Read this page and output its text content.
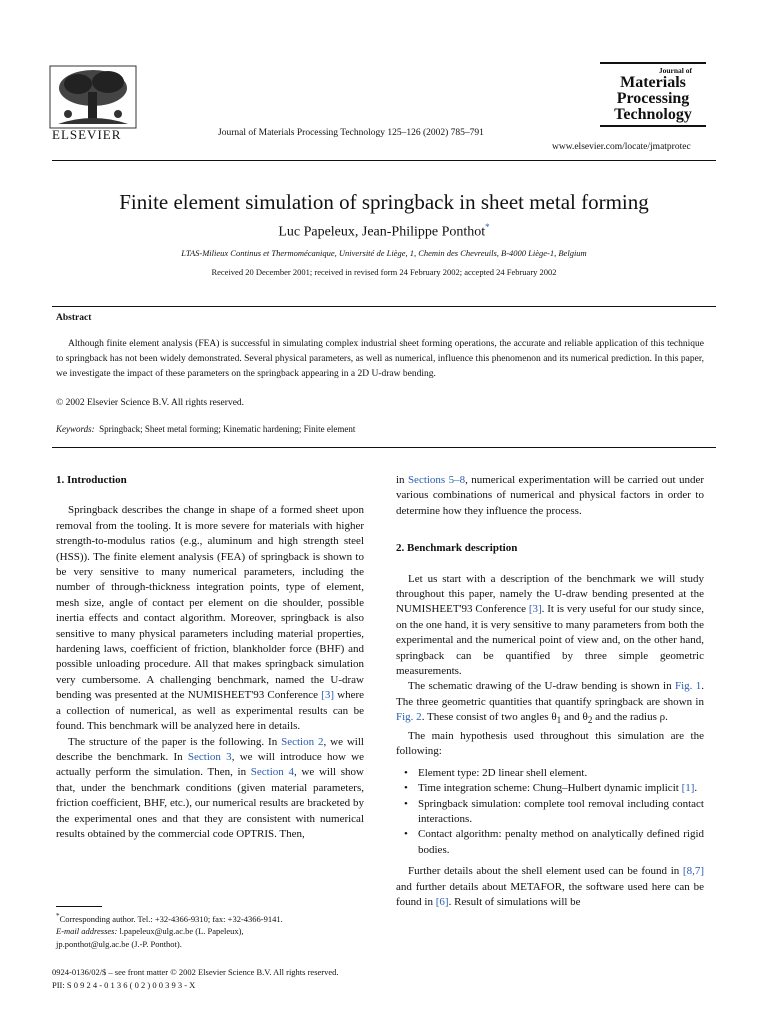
ELSEVIER	Journal of Materials Processing Technology 125–126 (2002) 785–791
Journal of
Materials
Processing
Technology
www.elsevier.com/locate/jmatprotec
Finite element simulation of springback in sheet metal forming
Luc Papeleux, Jean-Philippe Ponthot*
LTAS-Milieux Continus et Thermomécanique, Université de Liège, 1, Chemin des Chevreuils, B-4000 Liège-1, Belgium
Received 20 December 2001; received in revised form 24 February 2002; accepted 24 February 2002
Abstract
Although finite element analysis (FEA) is successful in simulating complex industrial sheet forming operations, the accurate and reliable application of this technique to springback has not been widely demonstrated. Several physical parameters, as well as numerical, influence this phenomenon and its numerical prediction. In this paper, we investigate the impact of these parameters on the springback appearing in a 2D U-draw bending.
© 2002 Elsevier Science B.V. All rights reserved.
Keywords: Springback; Sheet metal forming; Kinematic hardening; Finite element
1. Introduction

Springback describes the change in shape of a formed sheet upon removal from the tooling. It is more severe for materials with higher strength-to-modulus ratios (e.g., aluminum and high strength steel (HSS)). The finite element analysis (FEA) of springback is shown to be very sensitive to many numerical parameters, including the number of through-thickness integration points, type of element, mesh size, angle of contact per element on die shoulder, possible inertia effects and contact algorithm. Moreover, springback is also sensitive to many physical parameters including material properties, hardening laws, coefficient of friction, blankholder force (BHF) and possible unloading procedure. All that makes springback simulation very cumbersome. A challenging benchmark, named the U-draw bending was presented at the NUMISHEET'93 Conference [3] where a collection of numerical, as well as experimental results can be found. This benchmark will be analyzed here in details.

The structure of the paper is the following. In Section 2, we will describe the benchmark. In Section 3, we will introduce how we actually perform the simulation. Then, in Section 4, we will show that, under the benchmark conditions (given material parameters, friction coefficient, BHF, etc.), our numerical results are bracketed by the experimental ones and that they are consistent with numerical results obtained by the commercial code OPTRIS. Then,

in Sections 5–8, numerical experimentation will be carried out under various combinations of numerical and physical factors in order to determine how they influence the process.

2. Benchmark description

Let us start with a description of the benchmark we will study throughout this paper, namely the U-draw bending presented at the NUMISHEET'93 Conference [3]. It is very useful for our study since, on the one hand, it is very sensitive to many parameters from both the experimental and the numerical point of view and, on the other hand, springback can be quantified by three simple geometric measurements.

The schematic drawing of the U-draw bending is shown in Fig. 1. The three geometric quantities that quantify springback are shown in Fig. 2. These consist of two angles $\theta_1$ and $\theta_2$ and the radius ρ.

The main hypothesis used throughout this simulation are the following:

• Element type: 2D linear shell element.
• Time integration scheme: Chung–Hulbert dynamic implicit [1].
• Springback simulation: complete tool removal including contact interactions.
• Contact algorithm: penalty method on analytically defined rigid bodies.

Further details about the shell element used can be found in [8,7] and further details about METAFOR, the software used here can be found in [6]. Result of simulations will be

*Corresponding author. Tel.: +32-4366-9310; fax: +32-4366-9141.
E-mail addresses: l.papeleux@ulg.ac.be (L. Papeleux),
jp.ponthot@ulg.ac.be (J.-P. Ponthot).
0924-0136/02/$ – see front matter © 2002 Elsevier Science B.V. All rights reserved.
PII: S 0 9 2 4 - 0 1 3 6 ( 0 2 ) 0 0 3 9 3 - X
